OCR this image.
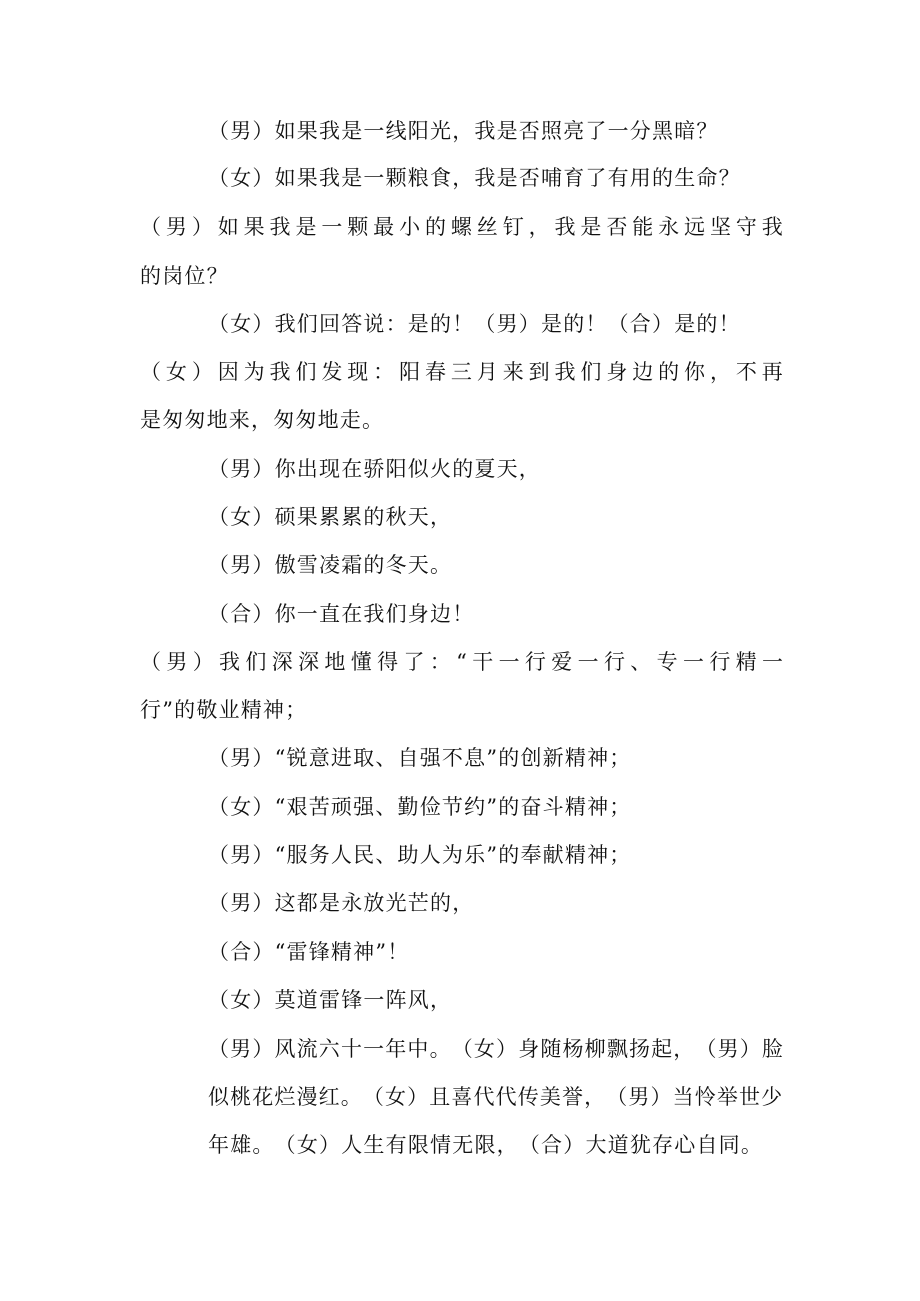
（男）如果我是一线阳光，我是否照亮了一分黑暗？

（女）如果我是一颗粮食，我是否哺育了有用的生命？

（ 男 ） 如 果 我 是 一 颗 最 小 的 螺 丝 钉 ， 我 是 否 能 永 远 坚 守 我

的岗位？

（女）我们回答说：是的！（男）是的！（合）是的！

（ 女 ） 因 为 我 们 发 现 ： 阳 春 三 月 来 到 我 们 身 边 的 你 ， 不 再

是匆匆地来，匆匆地走。

（男）你出现在骄阳似火的夏天，

（女）硕果累累的秋天，

（男）傲雪凌霜的冬天。

（合）你一直在我们身边！

（ 男 ） 我 们 深 深 地 懂 得 了 ： “ 干 一 行 爱 一 行 、 专 一 行 精 一

行”的敬业精神；

（男）“锐意进取、自强不息”的创新精神；

（女）“艰苦顽强、勤俭节约”的奋斗精神；

（男）“服务人民、助人为乐”的奉献精神；

（男）这都是永放光芒的，

（合）“雷锋精神”！

（女）莫道雷锋一阵风，

（ 男 ） 风 流 六 十 一 年 中 。 （ 女 ） 身 随 杨 柳 飘 扬 起 ， （ 男 ） 脸

似 桃 花 烂 漫 红 。 （ 女 ） 且 喜 代 代 传 美 誉 ， （ 男 ） 当 怜 举 世 少

年 雄 。 （ 女 ） 人 生 有 限 情 无 限 ， （ 合 ） 大 道 犹 存 心 自 同 。
